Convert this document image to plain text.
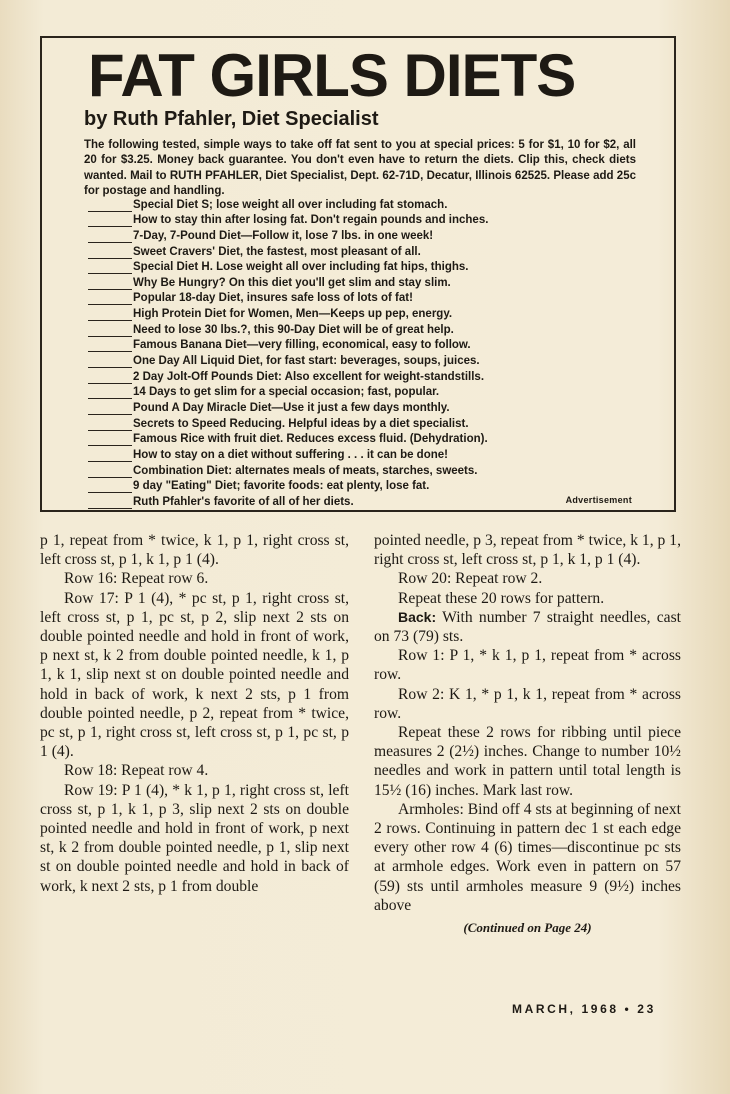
FAT GIRLS DIETS
by Ruth Pfahler, Diet Specialist
The following tested, simple ways to take off fat sent to you at special prices: 5 for $1, 10 for $2, all 20 for $3.25. Money back guarantee. You don't even have to return the diets. Clip this, check diets wanted. Mail to RUTH PFAHLER, Diet Specialist, Dept. 62-71D, Decatur, Illinois 62525. Please add 25c for postage and handling.
Special Diet S; lose weight all over including fat stomach.
How to stay thin after losing fat. Don't regain pounds and inches.
7-Day, 7-Pound Diet—Follow it, lose 7 lbs. in one week!
Sweet Cravers' Diet, the fastest, most pleasant of all.
Special Diet H. Lose weight all over including fat hips, thighs.
Why Be Hungry? On this diet you'll get slim and stay slim.
Popular 18-day Diet, insures safe loss of lots of fat!
High Protein Diet for Women, Men—Keeps up pep, energy.
Need to lose 30 lbs.?, this 90-Day Diet will be of great help.
Famous Banana Diet—very filling, economical, easy to follow.
One Day All Liquid Diet, for fast start: beverages, soups, juices.
2 Day Jolt-Off Pounds Diet: Also excellent for weight-standstills.
14 Days to get slim for a special occasion; fast, popular.
Pound A Day Miracle Diet—Use it just a few days monthly.
Secrets to Speed Reducing. Helpful ideas by a diet specialist.
Famous Rice with fruit diet. Reduces excess fluid. (Dehydration).
How to stay on a diet without suffering . . . it can be done!
Combination Diet: alternates meals of meats, starches, sweets.
9 day "Eating" Diet; favorite foods: eat plenty, lose fat.
Ruth Pfahler's favorite of all of her diets.	Advertisement

p 1, repeat from * twice, k 1, p 1, right cross st, left cross st, p 1, k 1, p 1 (4).

Row 16: Repeat row 6.

Row 17: P 1 (4), * pc st, p 1, right cross st, left cross st, p 1, pc st, p 2, slip next 2 sts on double pointed needle and hold in front of work, p next st, k 2 from double pointed needle, k 1, p 1, k 1, slip next st on double pointed needle and hold in back of work, k next 2 sts, p 1 from double pointed needle, p 2, repeat from * twice, pc st, p 1, right cross st, left cross st, p 1, pc st, p 1 (4).

Row 18: Repeat row 4.

Row 19: P 1 (4), * k 1, p 1, right cross st, left cross st, p 1, k 1, p 3, slip next 2 sts on double pointed needle and hold in front of work, p next st, k 2 from double pointed needle, p 1, slip next st on double pointed needle and hold in back of work, k next 2 sts, p 1 from double

pointed needle, p 3, repeat from * twice, k 1, p 1, right cross st, left cross st, p 1, k 1, p 1 (4).

Row 20: Repeat row 2.

Repeat these 20 rows for pattern.

Back: With number 7 straight needles, cast on 73 (79) sts.

Row 1: P 1, * k 1, p 1, repeat from * across row.

Row 2: K 1, * p 1, k 1, repeat from * across row.

Repeat these 2 rows for ribbing until piece measures 2 (2½) inches. Change to number 10½ needles and work in pattern until total length is 15½ (16) inches. Mark last row.

Armholes: Bind off 4 sts at beginning of next 2 rows. Continuing in pattern dec 1 st each edge every other row 4 (6) times—discontinue pc sts at armhole edges. Work even in pattern on 57 (59) sts until armholes measure 9 (9½) inches above

(Continued on Page 24)

MARCH, 1968 • 23
